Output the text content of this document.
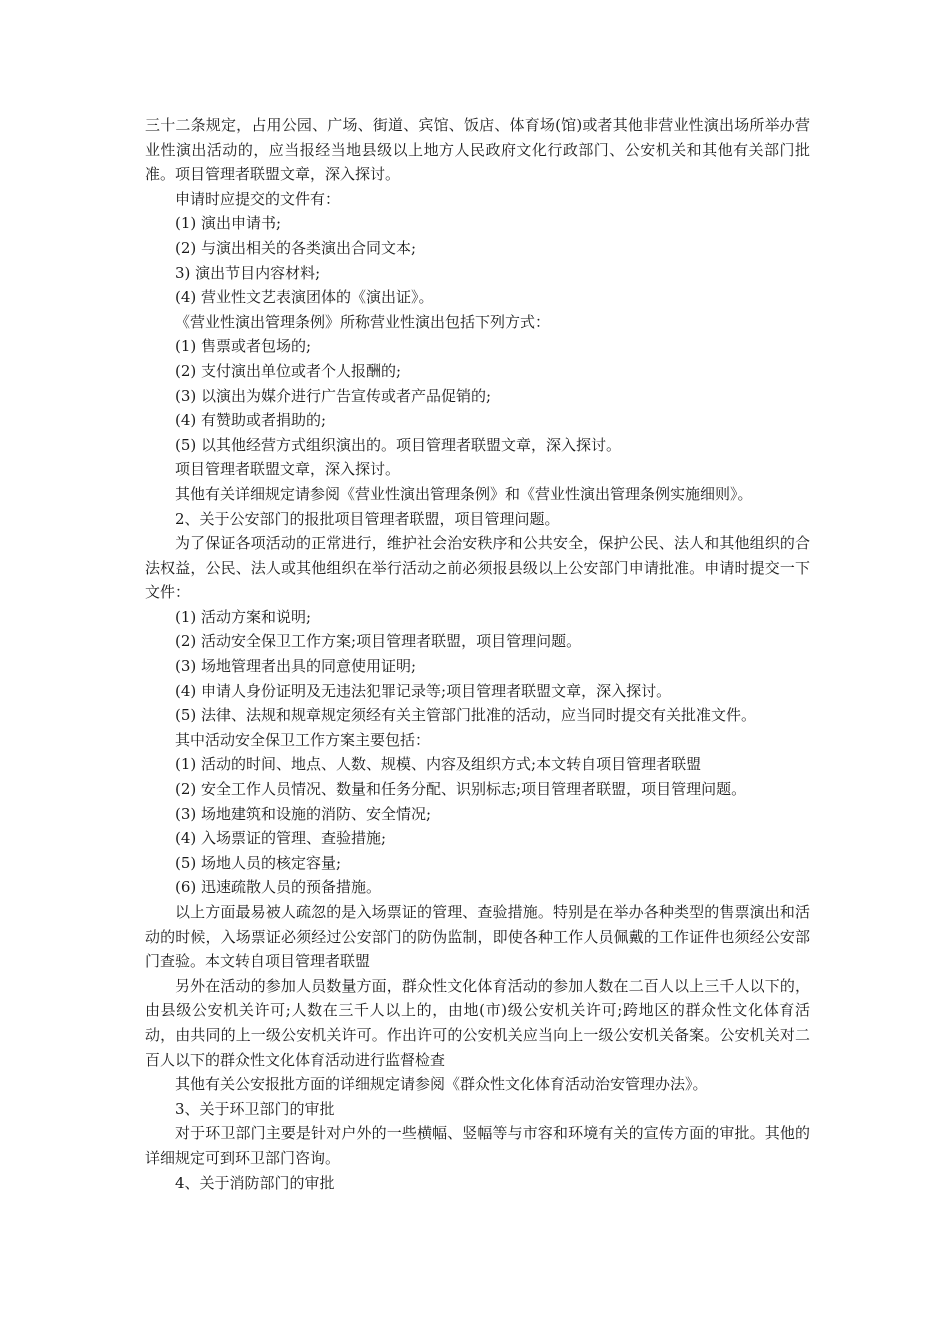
三十二条规定，占用公园、广场、街道、宾馆、饭店、体育场(馆)或者其他非营业性演出场所举办营业性演出活动的，应当报经当地县级以上地方人民政府文化行政部门、公安机关和其他有关部门批准。项目管理者联盟文章，深入探讨。

申请时应提交的文件有：

(1) 演出申请书;

(2) 与演出相关的各类演出合同文本;

3) 演出节目内容材料;

(4) 营业性文艺表演团体的《演出证》。

《营业性演出管理条例》所称营业性演出包括下列方式：

(1) 售票或者包场的;

(2) 支付演出单位或者个人报酬的;

(3) 以演出为媒介进行广告宣传或者产品促销的;

(4) 有赞助或者捐助的;

(5) 以其他经营方式组织演出的。项目管理者联盟文章，深入探讨。

项目管理者联盟文章，深入探讨。

其他有关详细规定请参阅《营业性演出管理条例》和《营业性演出管理条例实施细则》。

2、关于公安部门的报批项目管理者联盟，项目管理问题。

为了保证各项活动的正常进行，维护社会治安秩序和公共安全，保护公民、法人和其他组织的合法权益，公民、法人或其他组织在举行活动之前必须报县级以上公安部门申请批准。申请时提交一下文件：

(1) 活动方案和说明;

(2) 活动安全保卫工作方案;项目管理者联盟，项目管理问题。

(3) 场地管理者出具的同意使用证明;

(4) 申请人身份证明及无违法犯罪记录等;项目管理者联盟文章，深入探讨。

(5) 法律、法规和规章规定须经有关主管部门批准的活动，应当同时提交有关批准文件。

其中活动安全保卫工作方案主要包括：

(1) 活动的时间、地点、人数、规模、内容及组织方式;本文转自项目管理者联盟

(2) 安全工作人员情况、数量和任务分配、识别标志;项目管理者联盟，项目管理问题。

(3) 场地建筑和设施的消防、安全情况;

(4) 入场票证的管理、查验措施;

(5) 场地人员的核定容量;

(6) 迅速疏散人员的预备措施。

以上方面最易被人疏忽的是入场票证的管理、查验措施。特别是在举办各种类型的售票演出和活动的时候，入场票证必须经过公安部门的防伪监制，即使各种工作人员佩戴的工作证件也须经公安部门查验。本文转自项目管理者联盟

另外在活动的参加人员数量方面，群众性文化体育活动的参加人数在二百人以上三千人以下的，由县级公安机关许可;人数在三千人以上的，由地(市)级公安机关许可;跨地区的群众性文化体育活动，由共同的上一级公安机关许可。作出许可的公安机关应当向上一级公安机关备案。公安机关对二百人以下的群众性文化体育活动进行监督检查

其他有关公安报批方面的详细规定请参阅《群众性文化体育活动治安管理办法》。

3、关于环卫部门的审批

对于环卫部门主要是针对户外的一些横幅、竖幅等与市容和环境有关的宣传方面的审批。其他的详细规定可到环卫部门咨询。

4、关于消防部门的审批
